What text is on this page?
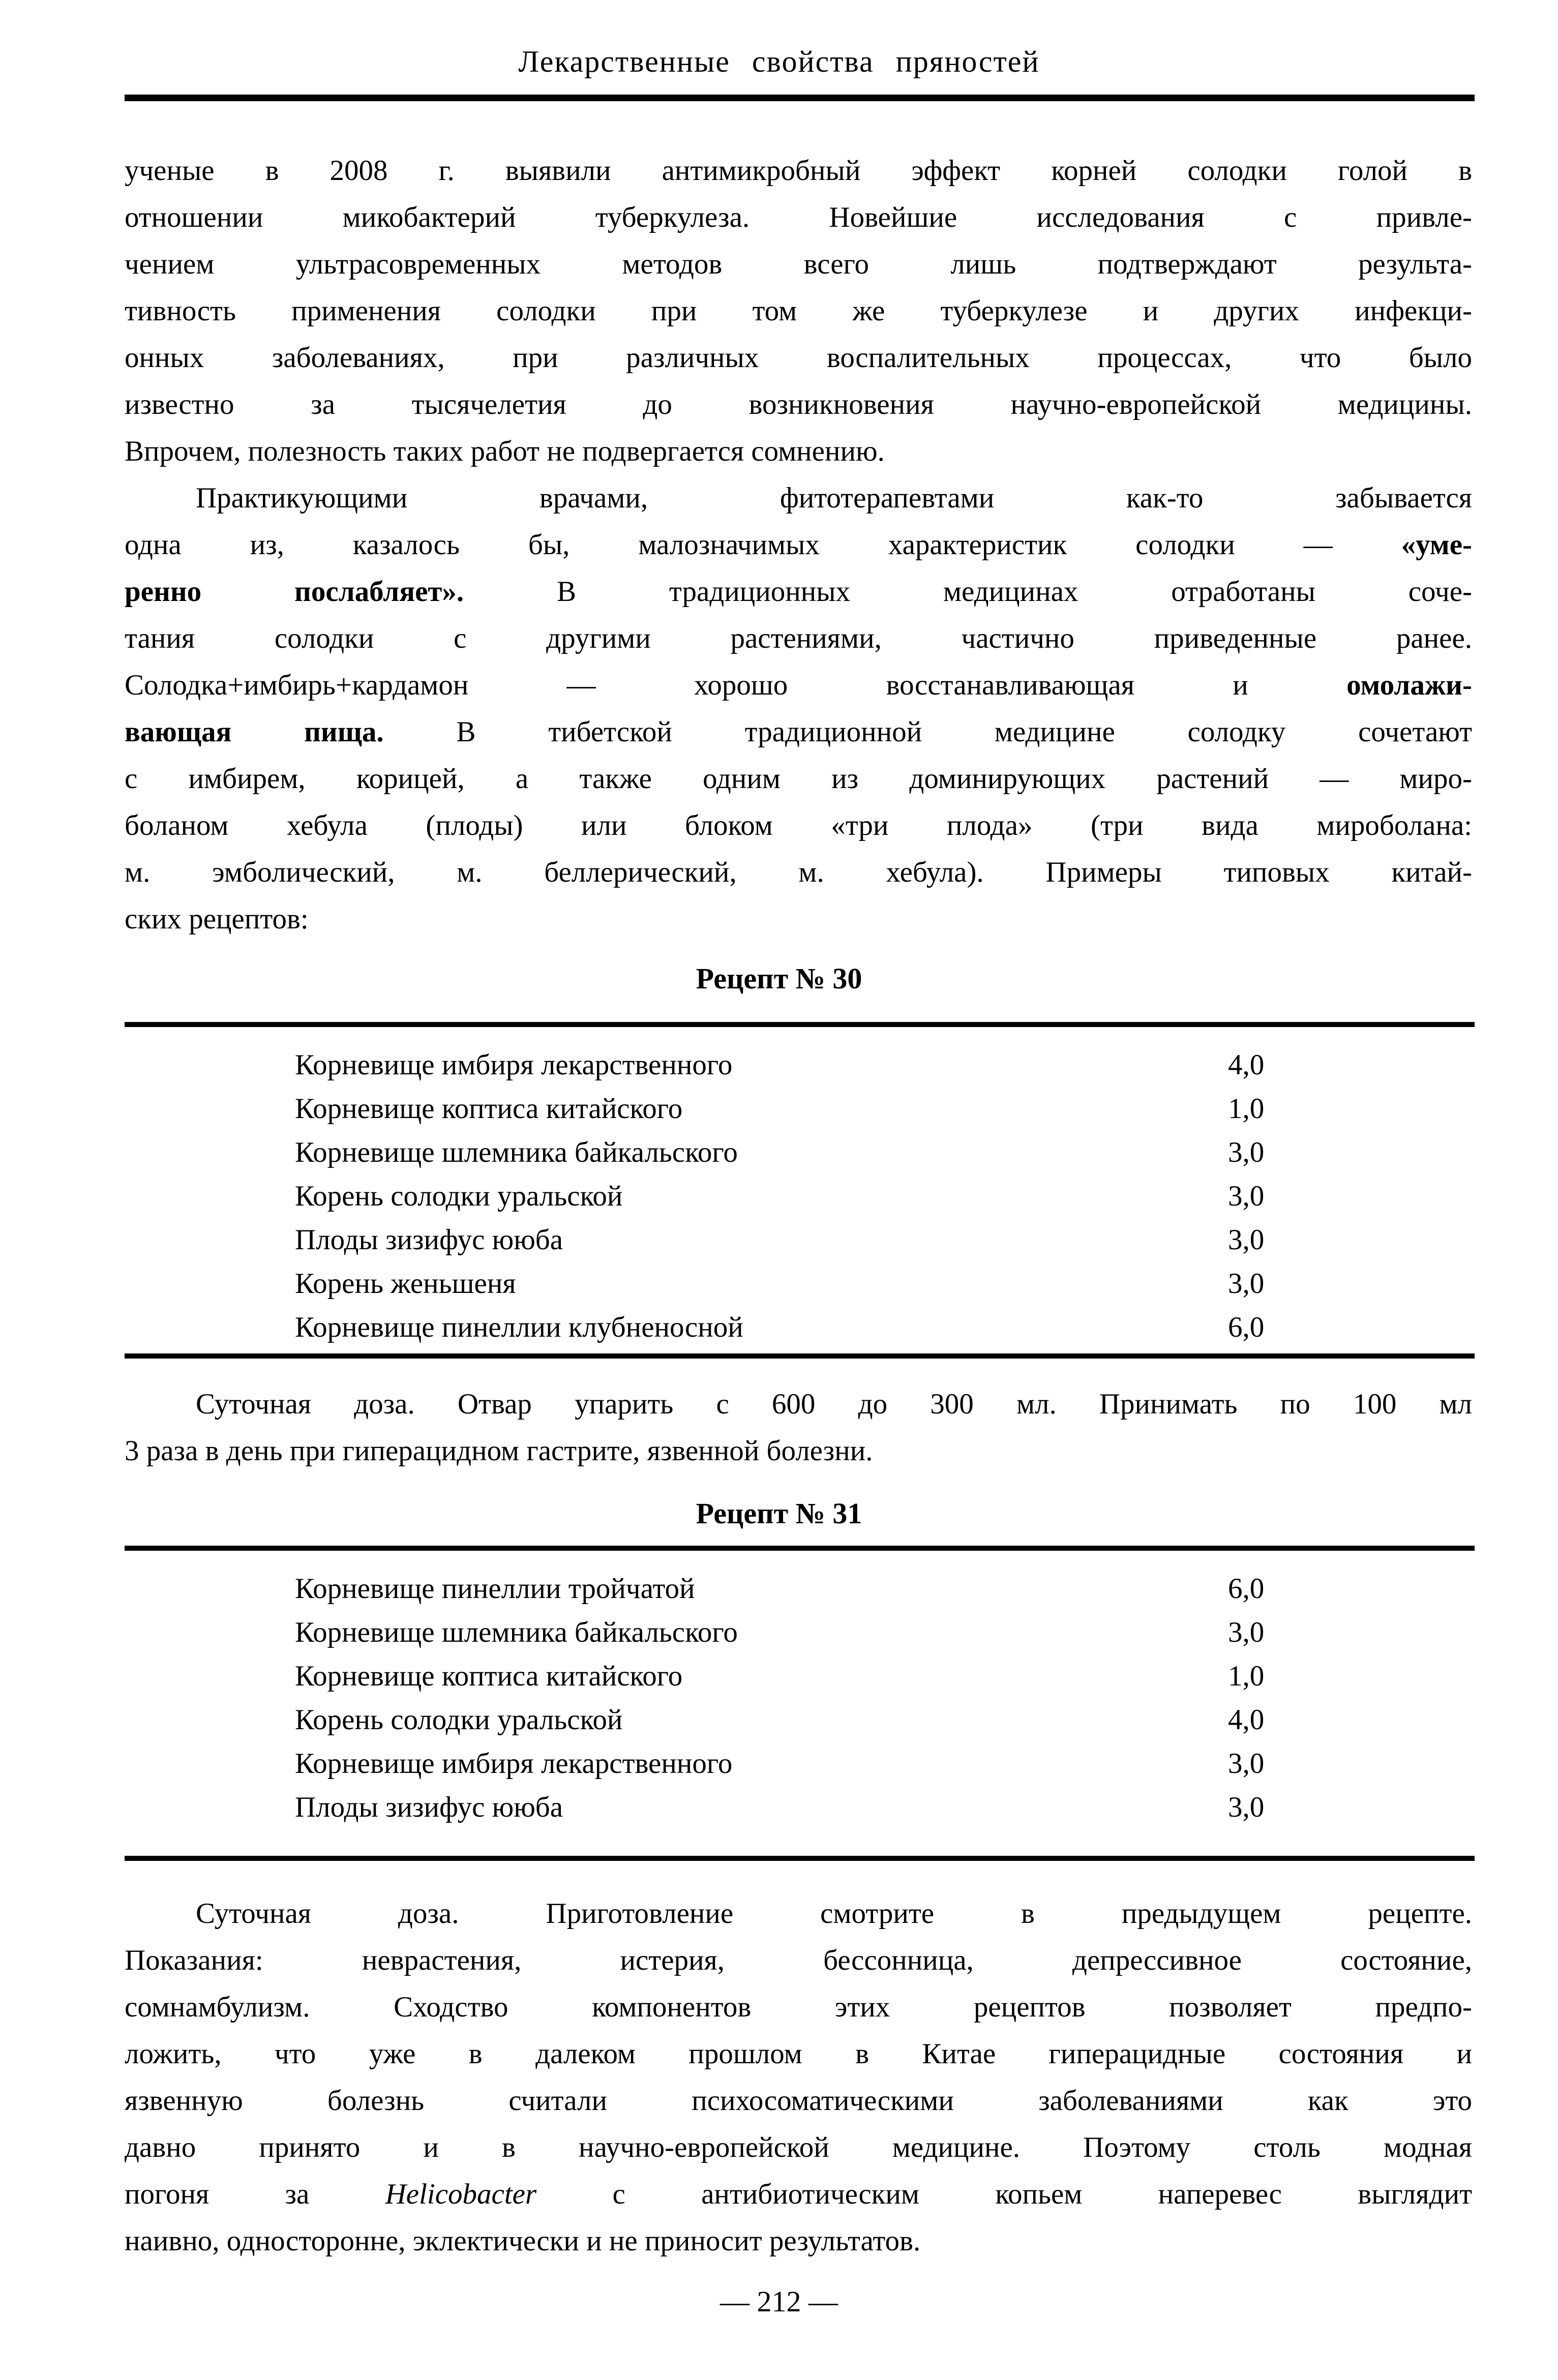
Лекарственные свойства пряностей
ученые в 2008 г. выявили антимикробный эффект корней солодки голой в
отношении микобактерий туберкулеза. Новейшие исследования с привле-
чением ультрасовременных методов всего лишь подтверждают результа-
тивность применения солодки при том же туберкулезе и других инфекци-
онных заболеваниях, при различных воспалительных процессах, что было
известно за тысячелетия до возникновения научно-европейской медицины.
Впрочем, полезность таких работ не подвергается сомнению.
Практикующими врачами, фитотерапевтами как-то забывается
одна из, казалось бы, малозначимых характеристик солодки — «уме-
ренно послабляет». В традиционных медицинах отработаны соче-
тания солодки с другими растениями, частично приведенные ранее.
Солодка+имбирь+кардамон — хорошо восстанавливающая и омолажи-
вающая пища. В тибетской традиционной медицине солодку сочетают
с имбирем, корицей, а также одним из доминирующих растений — миро-
боланом хебула (плоды) или блоком «три плода» (три вида мироболана:
м. эмболический, м. беллерический, м. хебула). Примеры типовых китай-
ских рецептов:
Рецепт № 30
Корневище имбиря лекарственного	4,0
Корневище коптиса китайского	1,0
Корневище шлемника байкальского	3,0
Корень солодки уральской	3,0
Плоды зизифус ююба	3,0
Корень женьшеня	3,0
Корневище пинеллии клубненосной	6,0
Суточная доза. Отвар упарить с 600 до 300 мл. Принимать по 100 мл
3 раза в день при гиперацидном гастрите, язвенной болезни.
Рецепт № 31
Корневище пинеллии тройчатой	6,0
Корневище шлемника байкальского	3,0
Корневище коптиса китайского	1,0
Корень солодки уральской	4,0
Корневище имбиря лекарственного	3,0
Плоды зизифус ююба	3,0
Суточная доза. Приготовление смотрите в предыдущем рецепте.
Показания: неврастения, истерия, бессонница, депрессивное состояние,
сомнамбулизм. Сходство компонентов этих рецептов позволяет предпо-
ложить, что уже в далеком прошлом в Китае гиперацидные состояния и
язвенную болезнь считали психосоматическими заболеваниями как это
давно принято и в научно-европейской медицине. Поэтому столь модная
погоня за Helicobacter с антибиотическим копьем наперевес выглядит
наивно, односторонне, эклектически и не приносит результатов.
— 212 —
